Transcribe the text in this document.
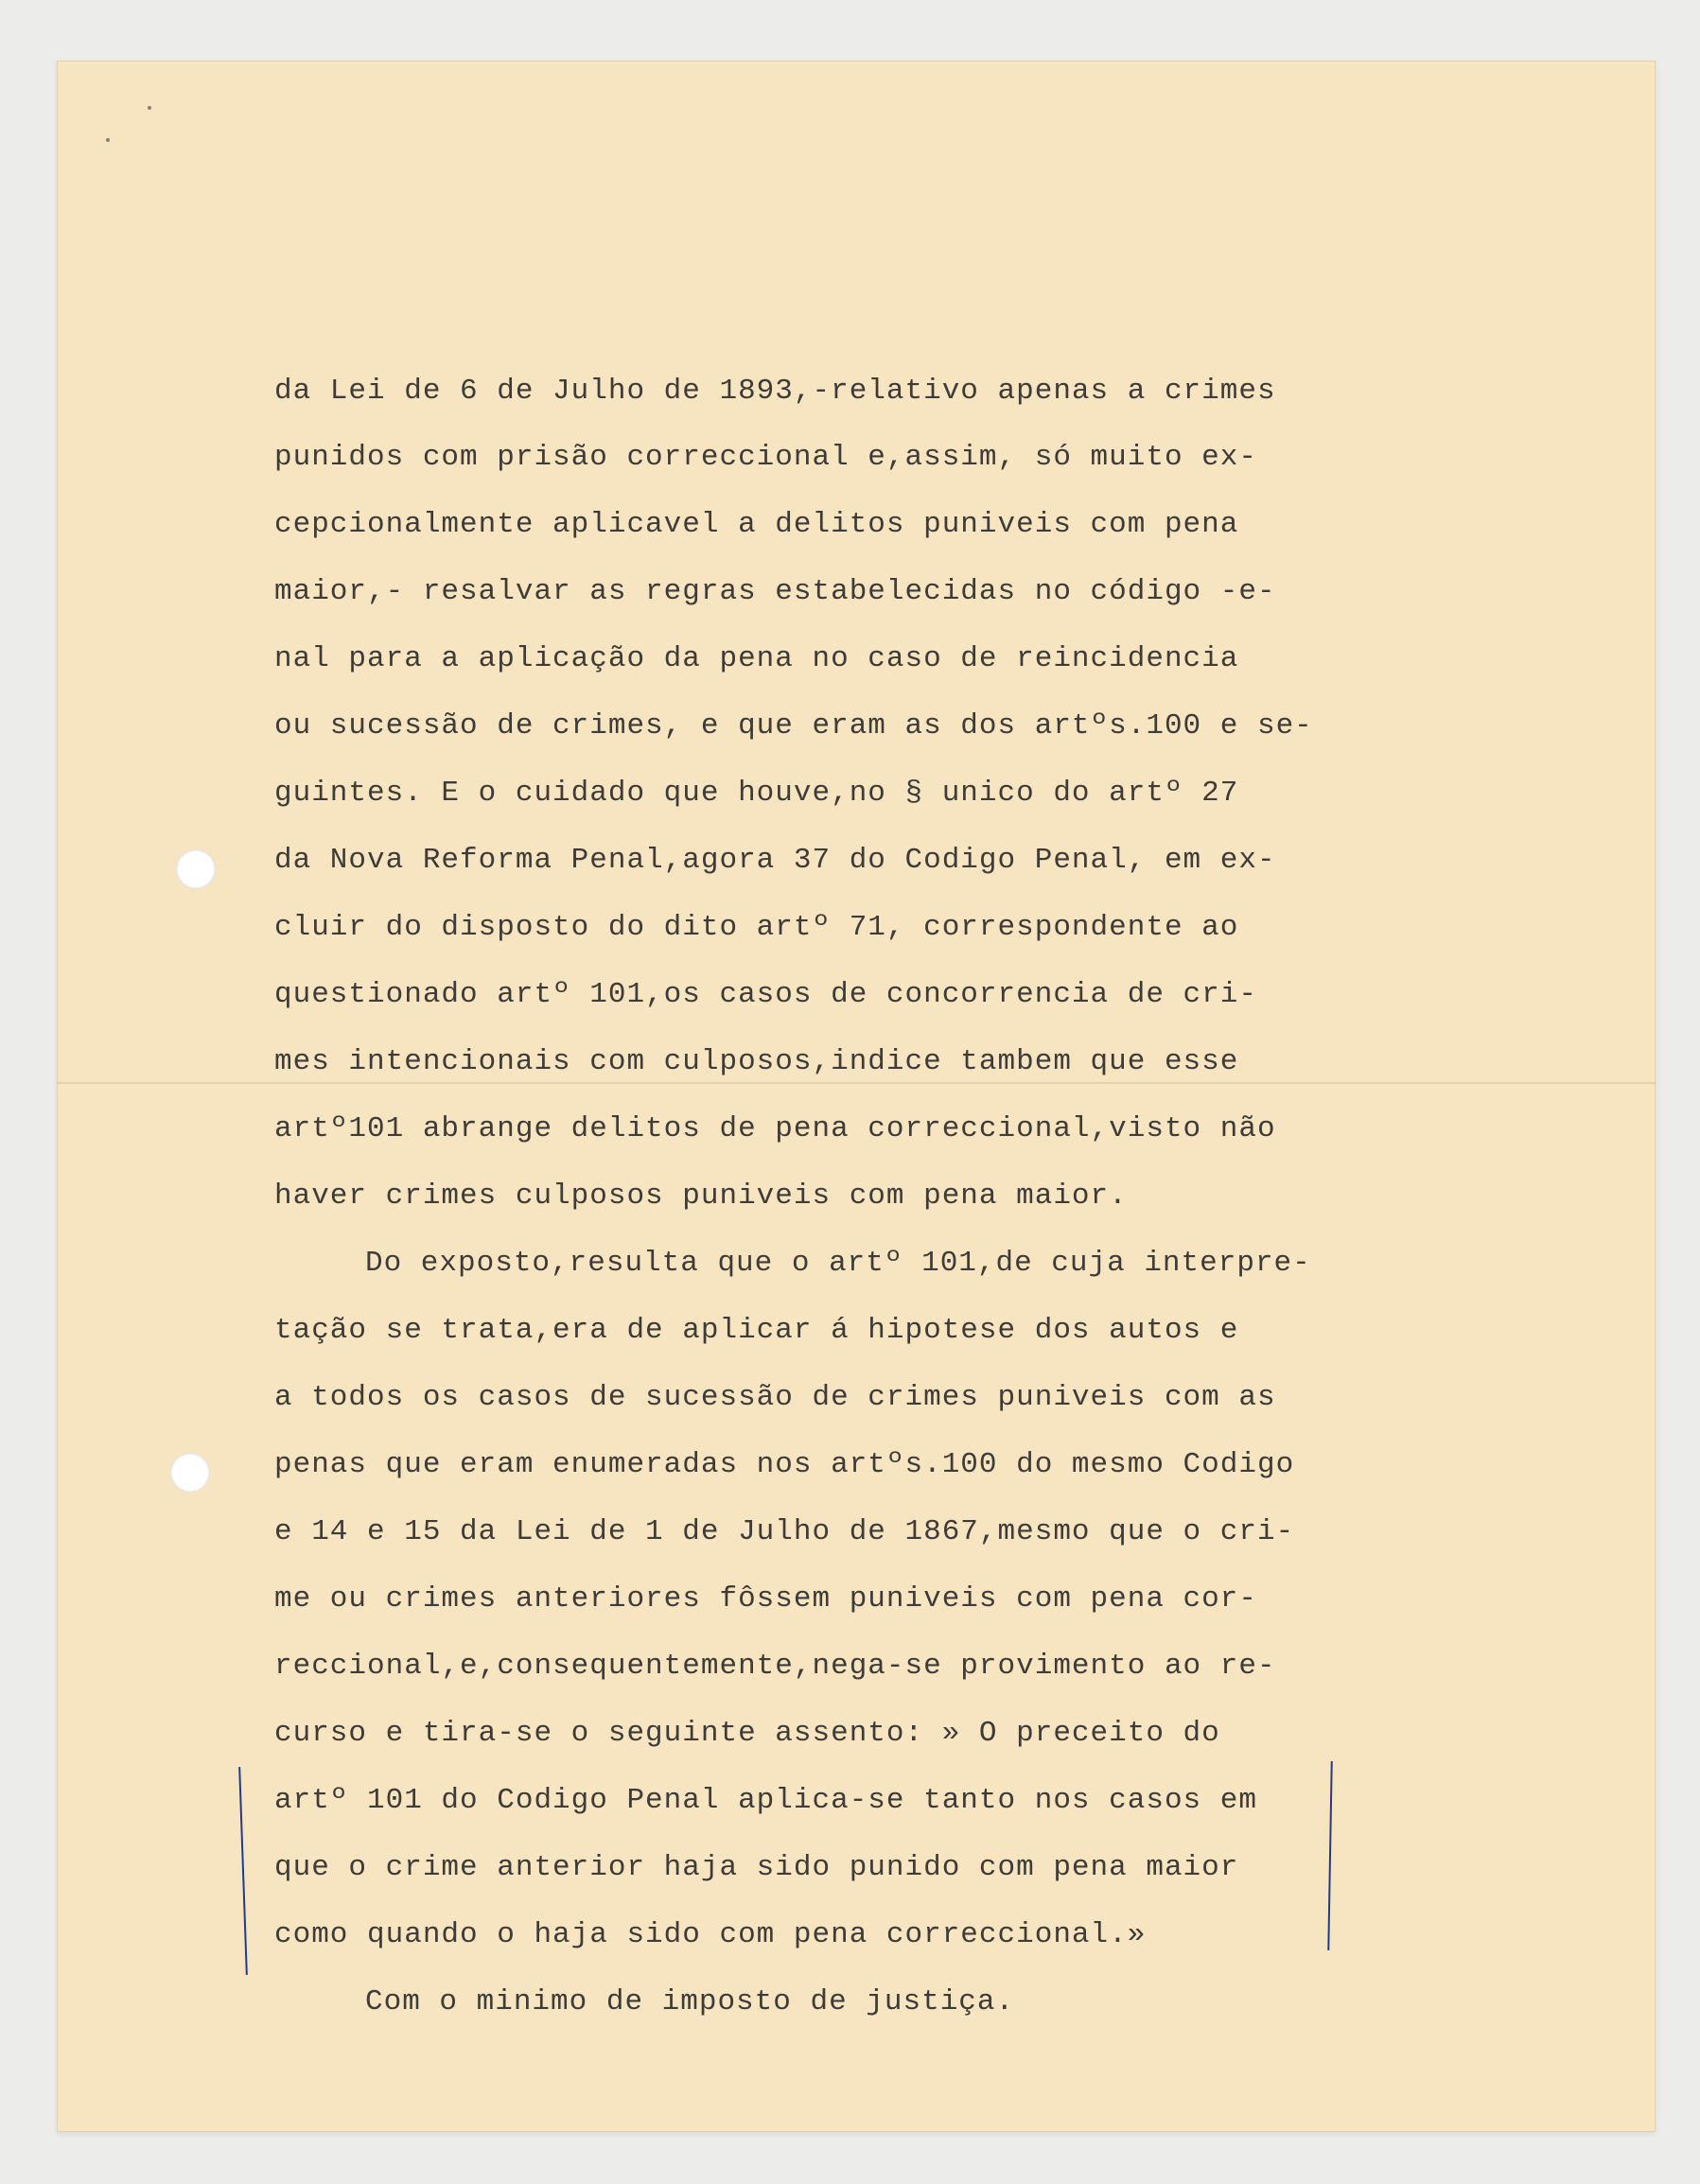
da Lei de 6 de Julho de 1893,-relativo apenas a crimes
punidos com prisão correccional e,assim, só muito ex-
cepcionalmente aplicavel a delitos puniveis com pena
maior,- resalvar as regras estabelecidas no código -e-
nal para a aplicação da pena no caso de reincidencia
ou sucessão de crimes, e que eram as dos artºs.100 e se-
guintes. E o cuidado que houve,no § unico do artº 27
da Nova Reforma Penal,agora 37 do Codigo Penal, em ex-
cluir do disposto do dito artº 71, correspondente ao
questionado artº 101,os casos de concorrencia de cri-
mes intencionais com culposos,indice tambem que esse
artº101 abrange delitos de pena correccional,visto não
haver crimes culposos puniveis com pena maior.
Do exposto,resulta que o artº 101,de cuja interpre-
tação se trata,era de aplicar á hipotese dos autos e
a todos os casos de sucessão de crimes puniveis com as
penas que eram enumeradas nos artºs.100 do mesmo Codigo
e 14 e 15 da Lei de 1 de Julho de 1867,mesmo que o cri-
me ou crimes anteriores fôssem puniveis com pena cor-
reccional,e,consequentemente,nega-se provimento ao re-
curso e tira-se o seguinte assento: » O preceito do
artº 101 do Codigo Penal aplica-se tanto nos casos em
que o crime anterior haja sido punido com pena maior
como quando o haja sido com pena correccional.»
Com o minimo de imposto de justiça.
